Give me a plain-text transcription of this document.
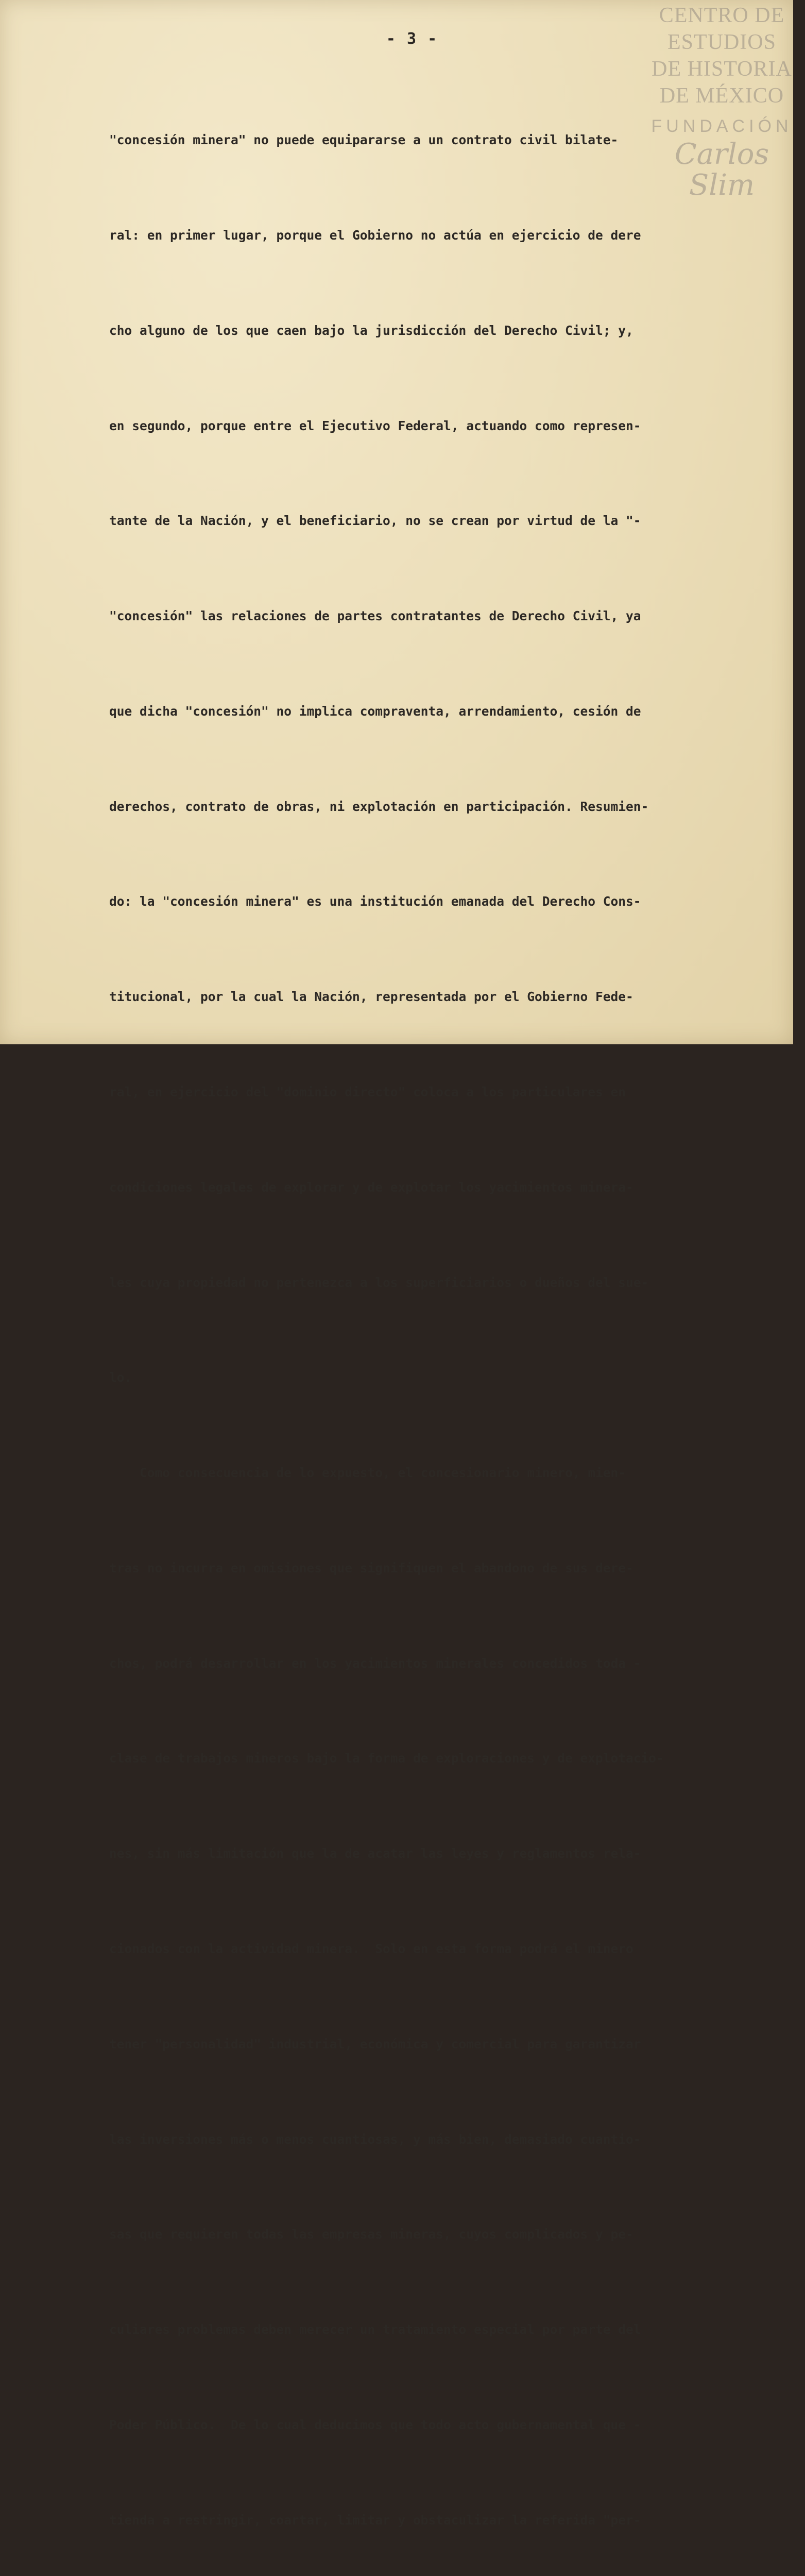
CENTRO DE
ESTUDIOS
DE HISTORIA
DE MÉXICO
FUNDACIÓN
Carlos Slim
- 3 -

"concesión minera" no puede equipararse a un contrato civil bilate-

ral: en primer lugar, porque el Gobierno no actúa en ejercicio de dere

cho alguno de los que caen bajo la jurisdicción del Derecho Civil; y,

en segundo, porque entre el Ejecutivo Federal, actuando como represen-

tante de la Nación, y el beneficiario, no se crean por virtud de la "-

"concesión" las relaciones de partes contratantes de Derecho Civil, ya

que dicha "concesión" no implica compraventa, arrendamiento, cesión de

derechos, contrato de obras, ni explotación en participación. Resumien-

do: la "concesión minera" es una institución emanada del Derecho Cons-

titucional, por la cual la Nación, representada por el Gobierno Fede-

ral, en ejercicio del "dominio directo" coloca a los particulares en

condiciones legales de explorar y de explotar los yacimientos minera-

les cuya propiedad no pertenezca a los superficiarios o dueños del sue-

lo.

Como consecuencia de lo expuesto, el concesionario minero, mien-

tras no incurra en omisiones que signifiquen el abandono de sus dere-

chos, podrá desarrollar en los yacimientos minerales concedidos toda -

clase de trabajos mineros bajo la forma de exploraciones y de explotacio-

nes, sin más limitación que la de acatar las leyes y reglamentos rela-

cionados con la actividad minera.  Solo en esta forma podrá el minero

tener "personalidad" industrial, económica y comercial para garantizar

las inversiones más o menos cuantiosas, y más bien, demasiado cuantio-

sas que requieren todas las empresas mineras, cuyos complicados y pe-

culiares problemas deben merecer un tratamiento especial por parte del

Poder Público.  De lo cual deducimos que todo acto gubernamental que -

tienda a restringir, coartar, limitar y obstaculizar la referida "per-
